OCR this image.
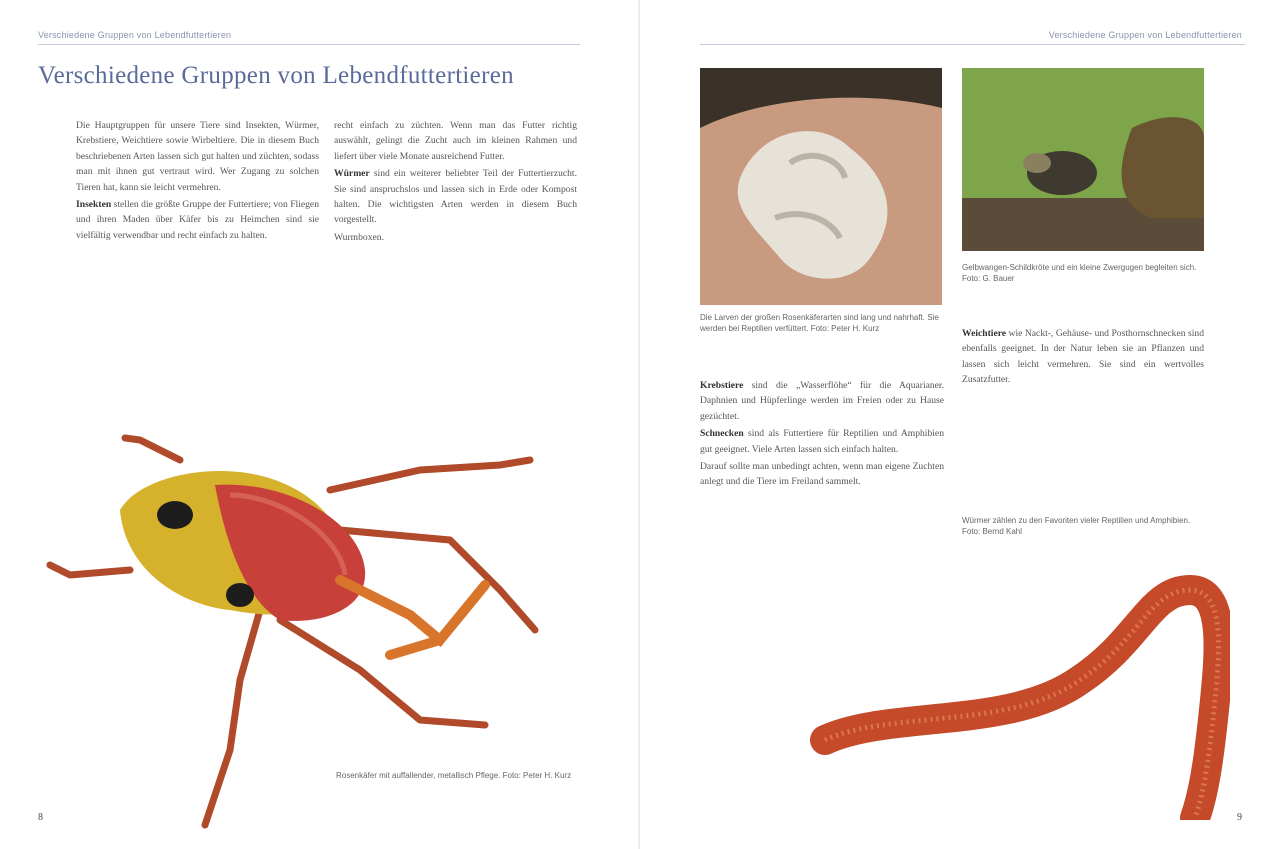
Verschiedene Gruppen von Lebendfuttertieren
Verschiedene Gruppen von Lebendfuttertieren

Die Hauptgruppen für unsere Tiere sind Insekten, Würmer, Krebstiere, Weichtiere sowie Wirbeltiere. Die in diesem Buch beschriebenen Arten lassen sich gut halten und züchten, sodass man mit ihnen gut vertraut wird. Wer Zugang zu solchen Tieren hat, kann sie leicht vermehren.

Insekten stellen die größte Gruppe der Futtertiere; von Fliegen und ihren Maden über Käfer bis zu Heimchen sind sie vielfältig verwendbar und recht einfach zu halten.

recht einfach zu züchten. Wenn man das Futter richtig auswählt, gelingt die Zucht auch im kleinen Rahmen und liefert über viele Monate ausreichend Futter.

Würmer sind ein weiterer beliebter Teil der Futtertierzucht. Sie sind anspruchslos und lassen sich in Erde oder Kompost halten. Die wichtigsten Arten werden in diesem Buch vorgestellt.

Wurmboxen.

Rosenkäfer mit auffallender, metallisch Pflege. Foto: Peter H. Kurz
8
Verschiedene Gruppen von Lebendfuttertieren
Die Larven der großen Rosenkäferarten sind lang und nahrhaft. Sie werden bei Reptilien verfüttert. Foto: Peter H. Kurz
Gelbwangen-Schildkröte und ein kleine Zwergugen begleiten sich. Foto: G. Bauer

Weichtiere wie Nackt-, Gehäuse- und Posthornschnecken sind ebenfalls geeignet. In der Natur leben sie an Pflanzen und lassen sich leicht vermehren. Sie sind ein wertvolles Zusatzfutter.

Würmer zählen zu den Favoriten vieler Reptilien und Amphibien. Foto: Bernd Kahl

Krebstiere sind die „Wasserflöhe“ für die Aquarianer. Daphnien und Hüpferlinge werden im Freien oder zu Hause gezüchtet.

Schnecken sind als Futtertiere für Reptilien und Amphibien gut geeignet. Viele Arten lassen sich einfach halten.

Darauf sollte man unbedingt achten, wenn man eigene Zuchten anlegt und die Tiere im Freiland sammelt.

9
